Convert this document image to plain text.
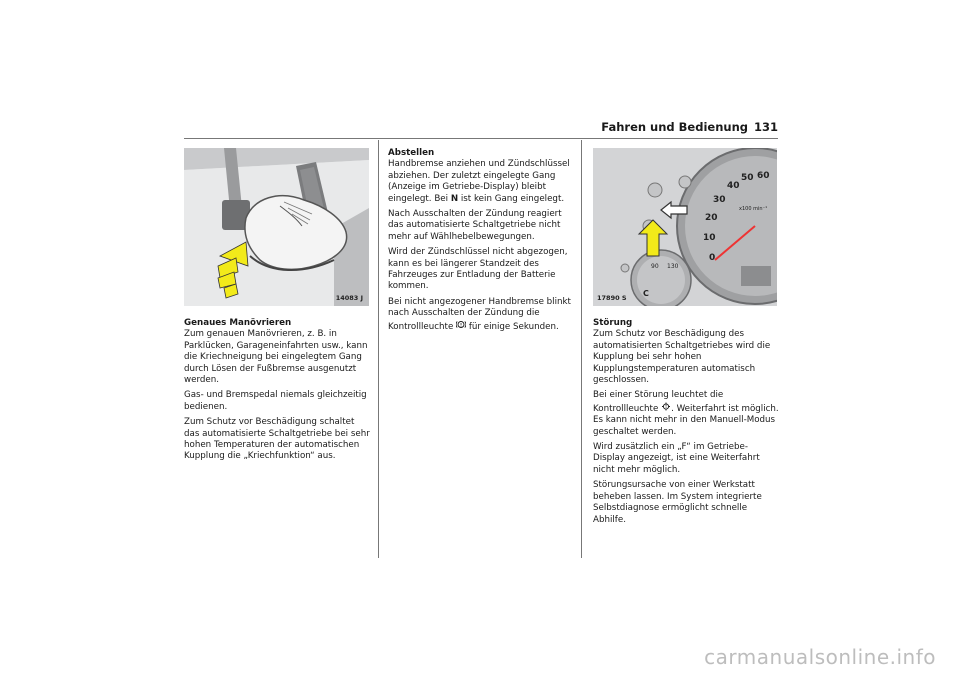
Fahren und Bedienung 131
14083 J
0
10
20
30
40
50 60
x100 min⁻¹
90 130
C
17890 S

Genaues Manövrieren
Zum genauen Manövrieren, z. B. in Parklücken, Garageneinfahrten usw., kann die Kriechneigung bei eingelegtem Gang durch Lösen der Fußbremse ausgenutzt werden.

Gas- und Bremspedal niemals gleichzeitig bedienen.

Zum Schutz vor Beschädigung schaltet das automatisierte Schaltgetriebe bei sehr hohen Temperaturen der automatischen Kupplung die „Kriechfunktion“ aus.

Abstellen
Handbremse anziehen und Zündschlüssel abziehen. Der zuletzt eingelegte Gang (Anzeige im Getriebe-Display) bleibt eingelegt. Bei N ist kein Gang eingelegt.

Nach Ausschalten der Zündung reagiert das automatisierte Schaltgetriebe nicht mehr auf Wählhebelbewegungen.

Wird der Zündschlüssel nicht abgezogen, kann es bei längerer Standzeit des Fahrzeuges zur Entladung der Batterie kommen.

Bei nicht angezogener Handbremse blinkt nach Ausschalten der Zündung die Kontrollleuchte ! für einige Sekunden.	Störung
Zum Schutz vor Beschädigung des automatisierten Schaltgetriebes wird die Kupplung bei sehr hohen Kupplungstemperaturen automatisch geschlossen.

Bei einer Störung leuchtet die Kontrollleuchte ! . Weiterfahrt ist möglich. Es kann nicht mehr in den Manuell-Modus geschaltet werden.

Wird zusätzlich ein „F“ im Getriebe-Display angezeigt, ist eine Weiterfahrt nicht mehr möglich.

Störungsursache von einer Werkstatt beheben lassen. Im System integrierte Selbstdiagnose ermöglicht schnelle Abhilfe.

carmanualsonline.info
